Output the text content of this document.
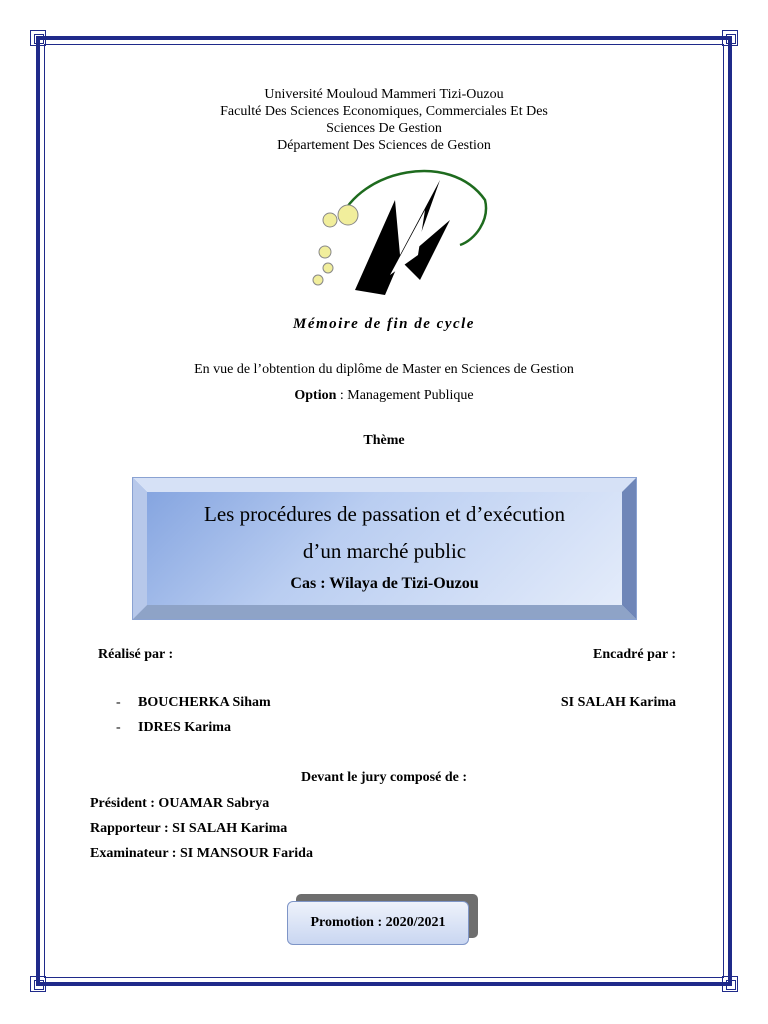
Université Mouloud Mammeri Tizi-Ouzou
Faculté Des Sciences Economiques, Commerciales Et Des
Sciences De Gestion
Département Des Sciences de Gestion
Mémoire de fin de cycle
En vue de l’obtention du diplôme de Master en Sciences de Gestion
Option : Management Publique
Thème
Les procédures de passation et d’exécution
d’un marché public
Cas : Wilaya de Tizi-Ouzou
Réalisé par :	Encadré par :
- BOUCHERKA Siham
- IDRES Karima
SI SALAH Karima
Devant le jury composé de :
Président : OUAMAR Sabrya
Rapporteur : SI SALAH Karima
Examinateur : SI MANSOUR Farida
Promotion : 2020/2021
